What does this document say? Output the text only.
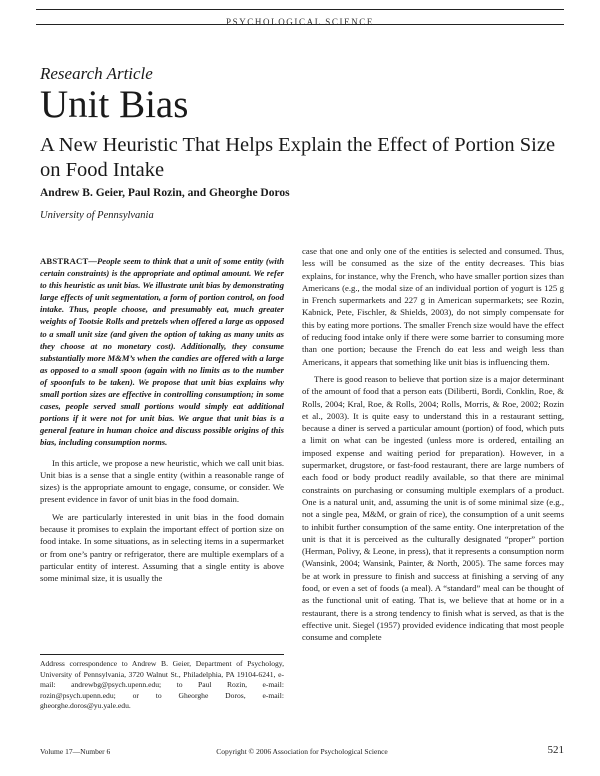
PSYCHOLOGICAL SCIENCE
Research Article
Unit Bias
A New Heuristic That Helps Explain the Effect of Portion Size on Food Intake
Andrew B. Geier, Paul Rozin, and Gheorghe Doros
University of Pennsylvania

ABSTRACT—People seem to think that a unit of some entity (with certain constraints) is the appropriate and optimal amount. We refer to this heuristic as unit bias. We illustrate unit bias by demonstrating large effects of unit segmentation, a form of portion control, on food intake. Thus, people choose, and presumably eat, much greater weights of Tootsie Rolls and pretzels when offered a large as opposed to a small unit size (and given the option of taking as many units as they choose at no monetary cost). Additionally, they consume substantially more M&M’s when the candies are offered with a large as opposed to a small spoon (again with no limits as to the number of spoonfuls to be taken). We propose that unit bias explains why small portion sizes are effective in controlling consumption; in some cases, people served small portions would simply eat additional portions if it were not for unit bias. We argue that unit bias is a general feature in human choice and discuss possible origins of this bias, including consumption norms.

In this article, we propose a new heuristic, which we call unit bias. Unit bias is a sense that a single entity (within a reasonable range of sizes) is the appropriate amount to engage, consume, or consider. We present evidence in favor of unit bias in the food domain.

We are particularly interested in unit bias in the food domain because it promises to explain the important effect of portion size on food intake. In some situations, as in selecting items in a supermarket or from one’s pantry or refrigerator, there are multiple exemplars of a particular entity of interest. Assuming that a single entity is above some minimal size, it is usually the

Address correspondence to Andrew B. Geier, Department of Psychology, University of Pennsylvania, 3720 Walnut St., Philadelphia, PA 19104-6241, e-mail: andrewbg@psych.upenn.edu; to Paul Rozin, e-mail: rozin@psych.upenn.edu; or to Gheorghe Doros, e-mail: gheorghe.doros@yu.yale.edu.

case that one and only one of the entities is selected and consumed. Thus, less will be consumed as the size of the entity decreases. This bias explains, for instance, why the French, who have smaller portion sizes than Americans (e.g., the modal size of an individual portion of yogurt is 125 g in French supermarkets and 227 g in American supermarkets; see Rozin, Kabnick, Pete, Fischler, & Shields, 2003), do not simply compensate for this by eating more portions. The smaller French size would have the effect of reducing food intake only if there were some barrier to consuming more than one portion; because the French do eat less and weigh less than Americans, it appears that something like unit bias is influencing them.

There is good reason to believe that portion size is a major determinant of the amount of food that a person eats (Diliberti, Bordi, Conklin, Roe, & Rolls, 2004; Kral, Roe, & Rolls, 2004; Rolls, Morris, & Roe, 2002; Rozin et al., 2003). It is quite easy to understand this in a restaurant setting, because a diner is served a particular amount (portion) of food, which puts a limit on what can be ingested (unless more is ordered, entailing an imposed expense and waiting period for preparation). However, in a supermarket, drugstore, or fast-food restaurant, there are large numbers of each food or body product readily available, so that there are minimal constraints on purchasing or consuming multiple exemplars of a product. One is a natural unit, and, assuming the unit is of some minimal size (e.g., not a single pea, M&M, or grain of rice), the consumption of a unit seems to inhibit further consumption of the same entity. One interpretation of the unit is that it is perceived as the culturally designated “proper” portion (Herman, Polivy, & Leone, in press), that it represents a consumption norm (Wansink, 2004; Wansink, Painter, & North, 2005). The same forces may be at work in pressure to finish and success at finishing a serving of any food, or even a set of foods (a meal). A “standard” meal can be thought of as the functional unit of eating. That is, we believe that at home or in a restaurant, there is a strong tendency to finish what is served, as that is the effective unit. Siegel (1957) provided evidence indicating that most people consume and complete

Volume 17—Number 6	Copyright © 2006 Association for Psychological Science	521
